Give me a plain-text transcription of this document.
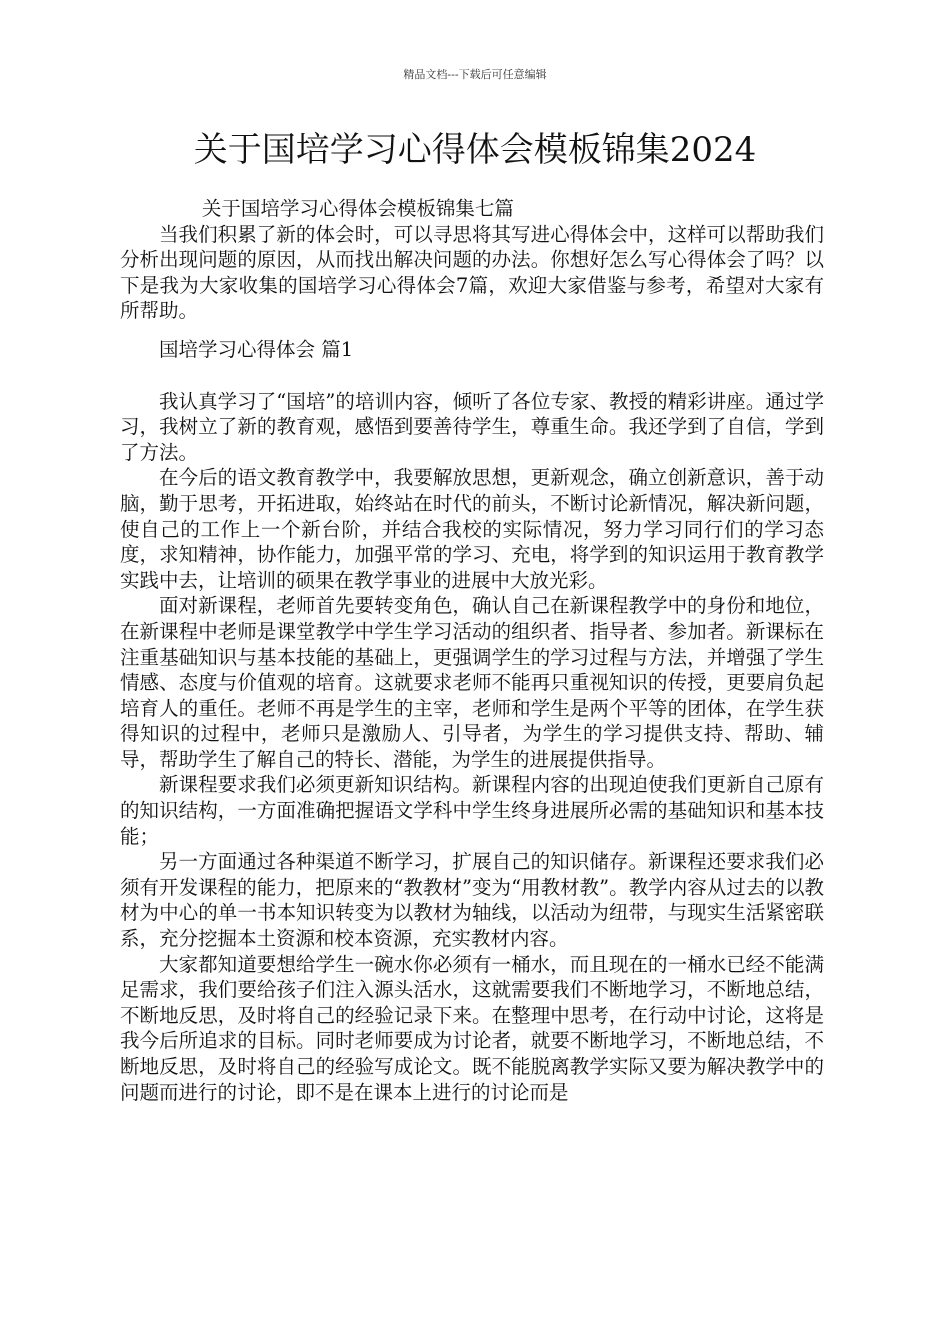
精品文档---下载后可任意编辑
关于国培学习心得体会模板锦集2024

关于国培学习心得体会模板锦集七篇

当我们积累了新的体会时，可以寻思将其写进心得体会中，这样可以帮助我们分析出现问题的原因，从而找出解决问题的办法。你想好怎么写心得体会了吗？以下是我为大家收集的国培学习心得体会7篇，欢迎大家借鉴与参考，希望对大家有所帮助。

国培学习心得体会 篇1

我认真学习了“国培”的培训内容，倾听了各位专家、教授的精彩讲座。通过学习，我树立了新的教育观，感悟到要善待学生，尊重生命。我还学到了自信，学到了方法。

在今后的语文教育教学中，我要解放思想，更新观念，确立创新意识，善于动脑，勤于思考，开拓进取，始终站在时代的前头，不断讨论新情况，解决新问题，使自己的工作上一个新台阶，并结合我校的实际情况，努力学习同行们的学习态度，求知精神，协作能力，加强平常的学习、充电，将学到的知识运用于教育教学实践中去，让培训的硕果在教学事业的进展中大放光彩。

面对新课程，老师首先要转变角色，确认自己在新课程教学中的身份和地位，在新课程中老师是课堂教学中学生学习活动的组织者、指导者、参加者。新课标在注重基础知识与基本技能的基础上，更强调学生的学习过程与方法，并增强了学生情感、态度与价值观的培育。这就要求老师不能再只重视知识的传授，更要肩负起培育人的重任。老师不再是学生的主宰，老师和学生是两个平等的团体，在学生获得知识的过程中，老师只是激励人、引导者，为学生的学习提供支持、帮助、辅导，帮助学生了解自己的特长、潜能，为学生的进展提供指导。

新课程要求我们必须更新知识结构。新课程内容的出现迫使我们更新自己原有的知识结构，一方面准确把握语文学科中学生终身进展所必需的基础知识和基本技能；

另一方面通过各种渠道不断学习，扩展自己的知识储存。新课程还要求我们必须有开发课程的能力，把原来的“教教材”变为“用教材教”。教学内容从过去的以教材为中心的单一书本知识转变为以教材为轴线，以活动为纽带，与现实生活紧密联系，充分挖掘本土资源和校本资源，充实教材内容。

大家都知道要想给学生一碗水你必须有一桶水，而且现在的一桶水已经不能满足需求，我们要给孩子们注入源头活水，这就需要我们不断地学习，不断地总结，不断地反思，及时将自己的经验记录下来。在整理中思考，在行动中讨论，这将是我今后所追求的目标。同时老师要成为讨论者，就要不断地学习，不断地总结，不断地反思，及时将自己的经验写成论文。既不能脱离教学实际又要为解决教学中的问题而进行的讨论，即不是在课本上进行的讨论而是
